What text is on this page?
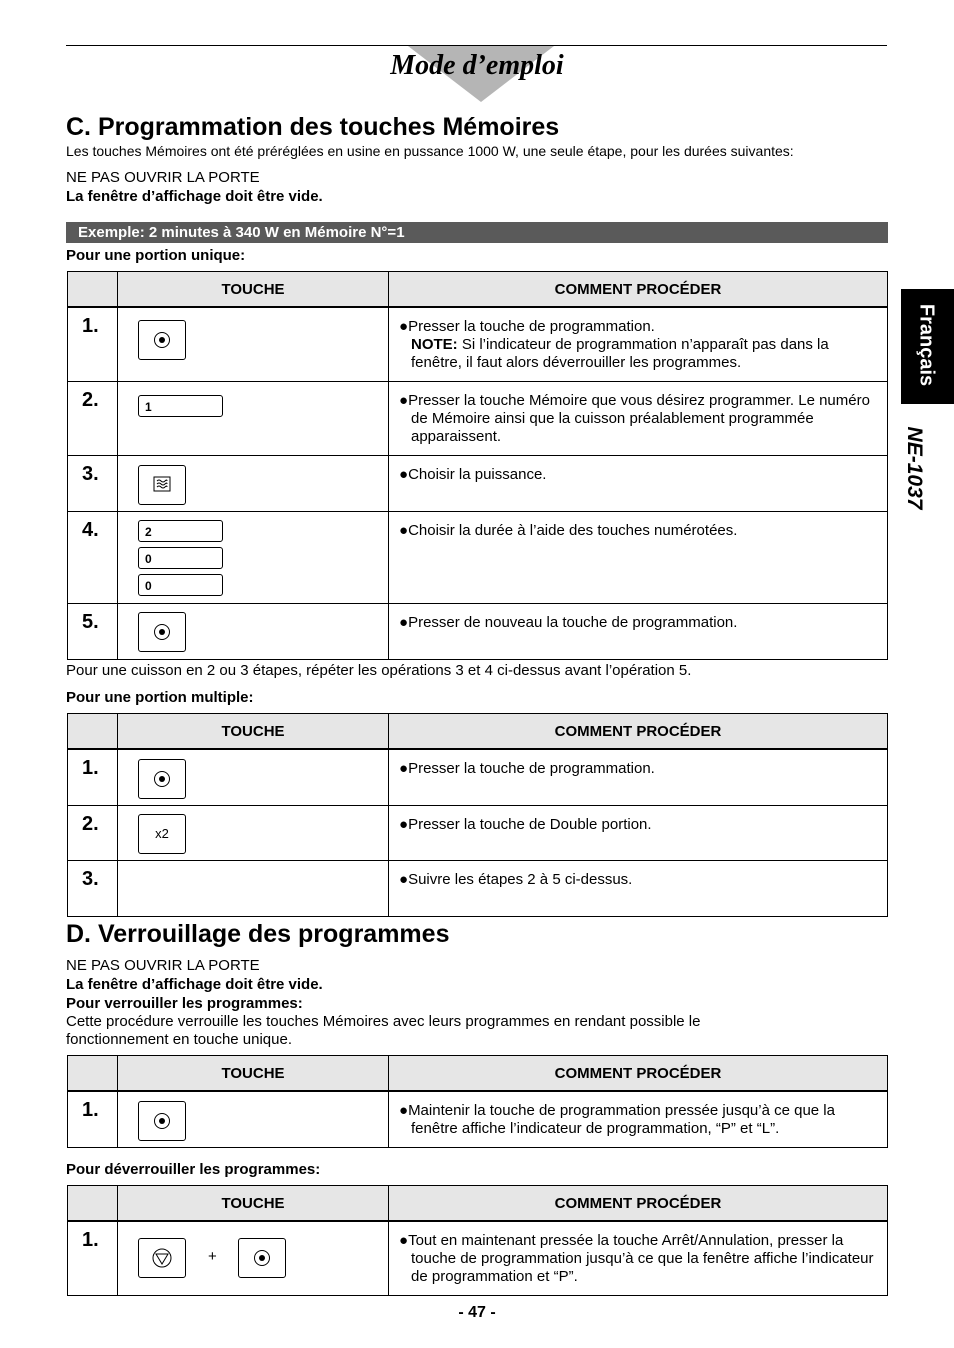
Mode d’emploi
Français
NE-1037
C. Programmation des touches Mémoires
Les touches Mémoires ont été préréglées en usine en pussance 1000 W, une seule étape, pour les durées suivantes:
NE PAS OUVRIR LA PORTE
La fenêtre d’affichage doit être vide.
Exemple: 2 minutes à 340 W en Mémoire N°=1
Pour une portion unique:
	TOUCHE	COMMENT PROCÉDER
1.		●Presser la touche de programmation.
NOTE: Si l’indicateur de programmation n’apparaît pas dans la fenêtre, il faut alors déverrouiller les programmes.

2.	1	●Presser la touche Mémoire que vous désirez programmer. Le numéro de Mémoire ainsi que la cuisson préalablement programmée apparaissent.

3.		●Choisir la puissance.

4.	2
0
0	●Choisir la durée à l’aide des touches numérotées.

5.		●Presser de nouveau la touche de programmation.
Pour une cuisson en 2 ou 3 étapes, répéter les opérations 3 et 4 ci-dessus avant l’opération 5.
Pour une portion multiple:
	TOUCHE	COMMENT PROCÉDER
1.		●Presser la touche de programmation.

2.	x2	●Presser la touche de Double portion.

3.		●Suivre les étapes 2 à 5 ci-dessus.
D. Verrouillage des programmes
NE PAS OUVRIR LA PORTE
La fenêtre d’affichage doit être vide.
Pour verrouiller les programmes:
Cette procédure verrouille les touches Mémoires avec leurs programmes en rendant possible le fonctionnement en touche unique.
	TOUCHE	COMMENT PROCÉDER
1.		●Maintenir la touche de programmation pressée jusqu’à ce que la fenêtre affiche l’indicateur de programmation, “P” et “L”.
Pour déverrouiller les programmes:
	TOUCHE	COMMENT PROCÉDER
1.	+	●Tout en maintenant pressée la touche Arrêt/Annulation, presser la touche de programmation jusqu’à ce que la fenêtre affiche l’indicateur de programmation et “P”.
- 47 -
